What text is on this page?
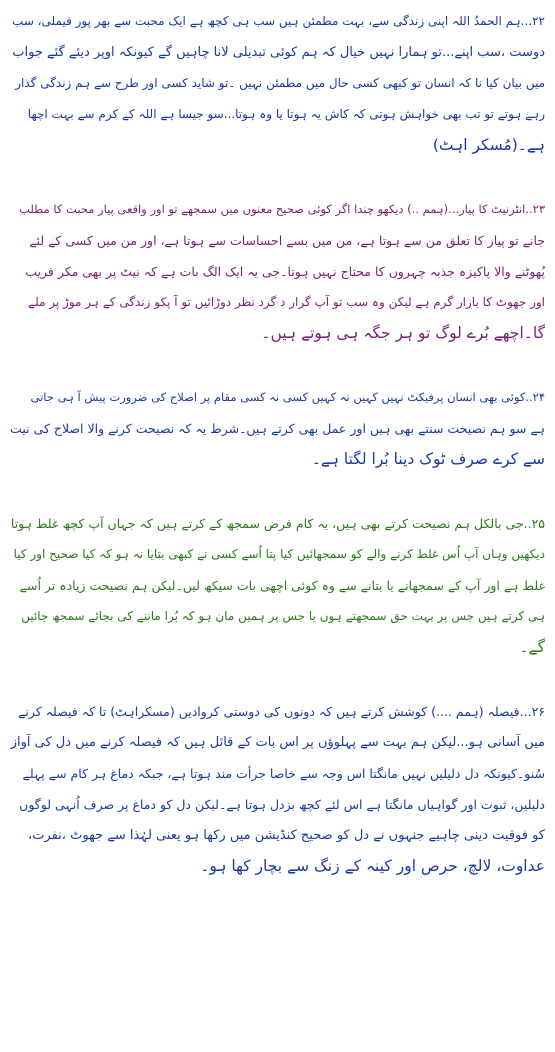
۲۲...ہم الحمدُ اللہ اپنی زندگی سے، بہت مطمئن ہیں سب ہی کچھ ہے ایک محبت سے بھر پور فیملی، سب
دوست ،سب اپنے...تو ہمارا نہیں خیال کہ ہم کوئی تبدیلی لانا چاہیں گے کیونکہ اوپر دیئے گئے جواب
میں بیان کیا نا کہ انسان تو کبھی کسی حال میں مطمئن نہیں ۔تو شاید کسی اور طرح سے ہم زندگی گذار
رہے ہوتے تو تب بھی خواہش ہوتی کہ کاش یہ ہوتا یا وہ ہوتا...سو جیسا ہے اللہ کے کرم سے بہت اچھا
ہے۔(مُسکر اہٹ)
۲۳..انٹرنیٹ کا پیار...(ہمم ..) دیکھو چندا اگر کوئی صحیح معنوں میں سمجھے تو اور واقعی پیار محبت کا مطلب
جانے تو پیار کا تعلق من سے ہوتا ہے، من میں بسے احساسات سے ہوتا ہے، اور من میں کسی کے لئے
پُھوٹنے والا پاکیزہ جذبہ چہروں کا محتاج نہیں ہوتا۔جی یہ ایک الگ بات ہے کہ نیٹ پر بھی مکر فریب
اور جھوٹ کا بازار گرم ہے لیکن وہ سب تو آپ گرار د گرد نظر دوڑائیں تو آ پکو زندگی کے ہر موڑ پر ملے
گا۔اچھے بُرے لوگ تو ہر جگہ ہی ہوتے ہیں۔
۲۴..کوئی بھی انسان پرفیکٹ نہیں کہیں نہ کہیں کسی نہ کسی مقام پر اصلاح کی ضرورت پیش آ ہی جاتی
ہے سو ہم نصیحت سنتے بھی ہیں اور عمل بھی کرتے ہیں۔شرط یہ کہ نصیحت کرنے والا اصلاح کی نیت
سے کرے صرف ٹوک دینا بُرا لگتا ہے۔
۲۵..جی بالکل ہم نصیحت کرتے بھی ہیں، یہ کام فرض سمجھ کے کرتے ہیں کہ جہاں آپ کچھ غلط ہوتا
دیکھیں وہاں آپ اُس غلط کرنے والے کو سمجھائیں کیا پتا اُسے کسی نے کبھی بتایا نہ ہو کہ کیا صحیح اور کیا
غلط ہے اور آپ کے سمجھانے یا بتانے سے وہ کوئی اچھی بات سیکھ لیں۔لیکن ہم نصیحت زیادہ تر اُسے
ہی کرتے ہیں جس پر بہت حق سمجھتے ہوں یا جس پر ہمیں مان ہو کہ بُرا ماننے کی بجائے سمجھ جائیں
گے۔
۲۶...فیصلہ (ہمم ....) کوشش کرتے ہیں کہ دونوں کی دوستی کروادیں (مسکراہٹ) تا کہ فیصلہ کرنے
میں آسانی ہو...لیکن ہم بہت سے پہلوؤں پر اس بات کے قائل ہیں کہ فیصلہ کرنے میں دل کی آواز
سُنو۔کیونکہ دل دلیلیں نہیں مانگتا اس وجہ سے خاصا جرأت مند ہوتا ہے، جبکہ دماغ ہر کام سے پہلے
دلیلیں، ثبوت اور گواہیاں مانگتا ہے اس لئے کچھ بزدل ہوتا ہے۔لیکن دل کو دماغ پر صرف اُنہی لوگوں
کو فوقیت دینی چاہیے جنہوں نے دل کو صحیح کنڈیشن میں رکھا ہو یعنی لہٰذا سے جھوٹ ،نفرت،
عداوت، لالچ، حرص اور کینہ کے زنگ سے بچار کھا ہو۔
